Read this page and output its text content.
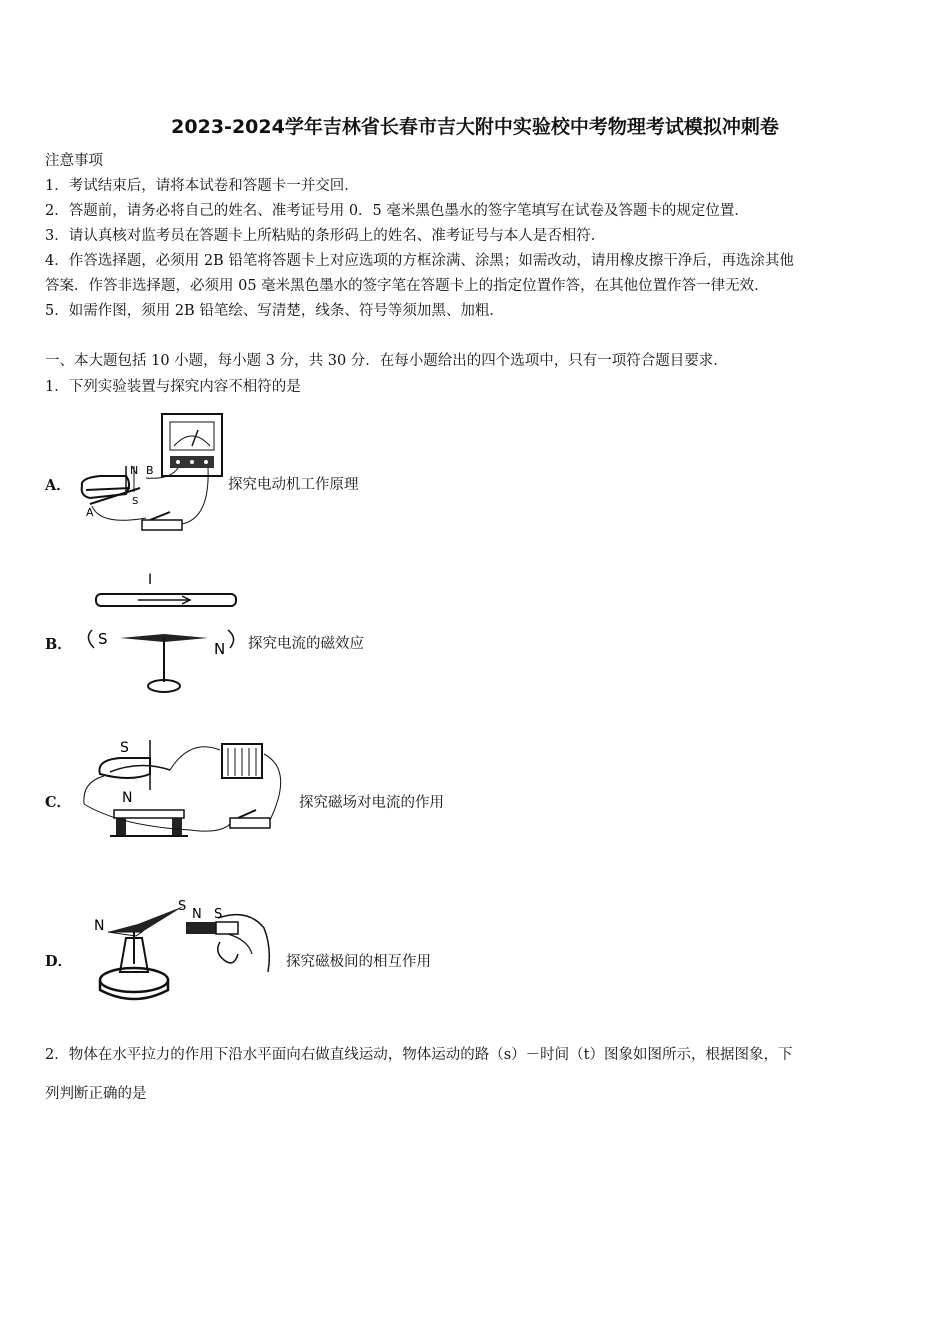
2023-2024学年吉林省长春市吉大附中实验校中考物理考试模拟冲刺卷
注意事项
1．考试结束后，请将本试卷和答题卡一并交回．
2．答题前，请务必将自己的姓名、准考证号用 0．5 毫米黑色墨水的签字笔填写在试卷及答题卡的规定位置．
3．请认真核对监考员在答题卡上所粘贴的条形码上的姓名、准考证号与本人是否相符．
4．作答选择题，必须用 2B 铅笔将答题卡上对应选项的方框涂满、涂黑；如需改动，请用橡皮擦干净后，再选涂其他
答案．作答非选择题，必须用 05 毫米黑色墨水的签字笔在答题卡上的指定位置作答，在其他位置作答一律无效．
5．如需作图，须用 2B 铅笔绘、写清楚，线条、符号等须加黑、加粗．
一、本大题包括 10 小题，每小题 3 分，共 30 分．在每小题给出的四个选项中，只有一项符合题目要求．
1．下列实验装置与探究内容不相符的是
A．
N B
S
A
探究电动机工作原理
B．
I
S
N 探究电流的磁效应
C．
S
N	探究磁场对电流的作用
D．
N
S
N S
探究磁极间的相互作用
2．物体在水平拉力的作用下沿水平面向右做直线运动，物体运动的路（s）－时间（t）图象如图所示，根据图象，下
列判断正确的是
